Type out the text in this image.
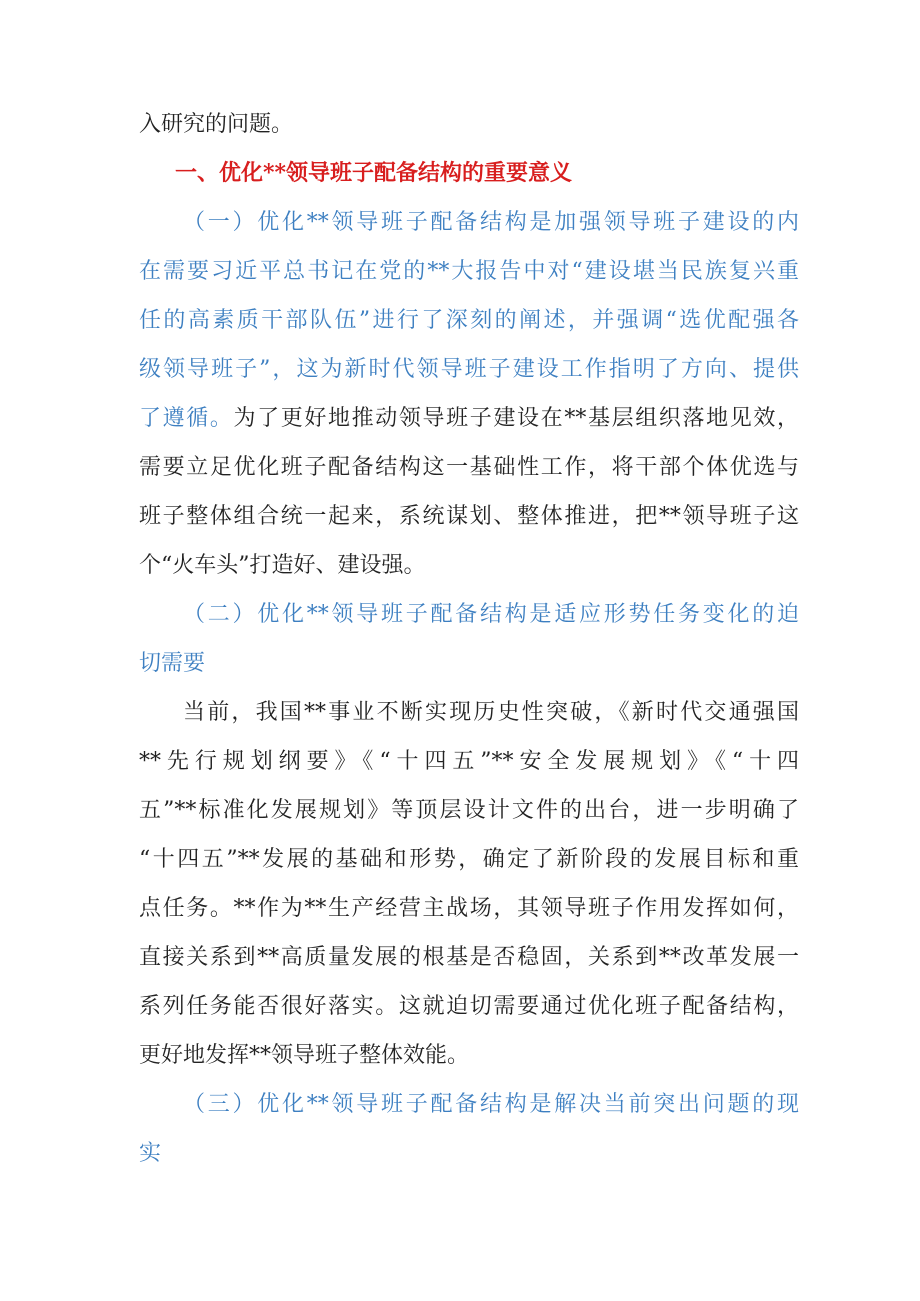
入研究的问题。
一、优化**领导班子配备结构的重要意义
（一）优化**领导班子配备结构是加强领导班子建设的内
在需要习近平总书记在党的**大报告中对“建设堪当民族复兴重
任的高素质干部队伍”进行了深刻的阐述，并强调“选优配强各
级领导班子”，这为新时代领导班子建设工作指明了方向、提供
了遵循。为了更好地推动领导班子建设在**基层组织落地见效，
需要立足优化班子配备结构这一基础性工作，将干部个体优选与
班子整体组合统一起来，系统谋划、整体推进，把**领导班子这
个“火车头”打造好、建设强。
（二）优化**领导班子配备结构是适应形势任务变化的迫
切需要
当前，我国**事业不断实现历史性突破，《新时代交通强国
**先行规划纲要》《“十四五”**安全发展规划》《“十四
五”**标准化发展规划》等顶层设计文件的出台，进一步明确了
“十四五”**发展的基础和形势，确定了新阶段的发展目标和重
点任务。**作为**生产经营主战场，其领导班子作用发挥如何，
直接关系到**高质量发展的根基是否稳固，关系到**改革发展一
系列任务能否很好落实。这就迫切需要通过优化班子配备结构，
更好地发挥**领导班子整体效能。
（三）优化**领导班子配备结构是解决当前突出问题的现
实
